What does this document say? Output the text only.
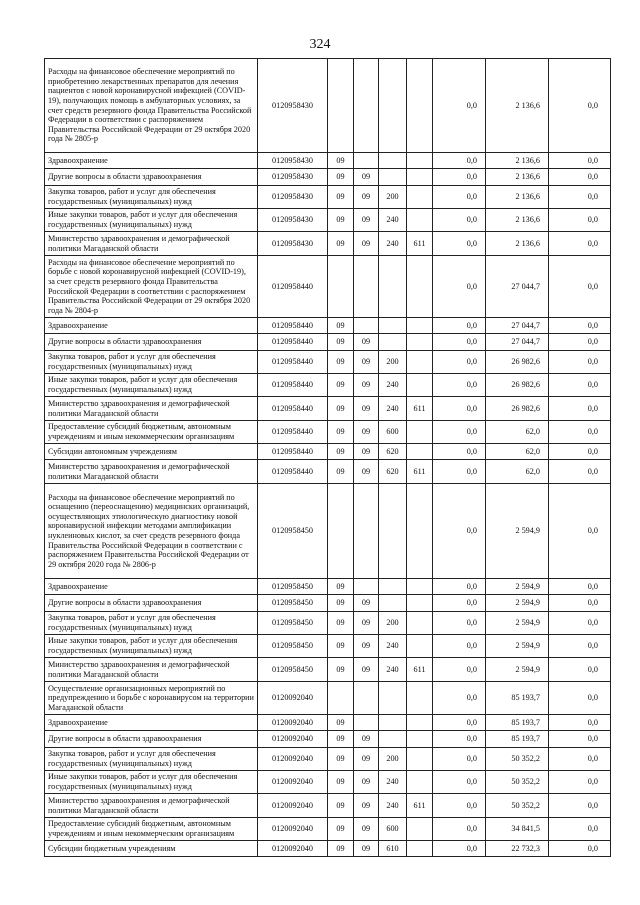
324
Расходы на финансовое обеспечение мероприятий по приобретению лекарственных препаратов для лечения пациентов с новой коронавирусной инфекцией (COVID-19), получающих помощь в амбулаторных условиях, за счет средств резервного фонда Правительства Российской Федерации в соответствии с распоряжением Правительства Российской Федерации от 29 октября 2020 года № 2805-р	0120958430					0,0	2 136,6	0,0
Здравоохранение	0120958430	09				0,0	2 136,6	0,0
Другие вопросы в области здравоохранения	0120958430	09	09			0,0	2 136,6	0,0
Закупка товаров, работ и услуг для обеспечения государственных (муниципальных) нужд	0120958430	09	09	200		0,0	2 136,6	0,0
Иные закупки товаров, работ и услуг для обеспечения государственных (муниципальных) нужд	0120958430	09	09	240		0,0	2 136,6	0,0
Министерство здравоохранения и демографической политики Магаданской области	0120958430	09	09	240	611	0,0	2 136,6	0,0
Расходы на финансовое обеспечение мероприятий по борьбе с новой коронавирусной инфекцией (COVID-19), за счет средств резервного фонда Правительства Российской Федерации в соответствии с распоряжением Правительства Российской Федерации от 29 октября 2020 года № 2804-р	0120958440					0,0	27 044,7	0,0
Здравоохранение	0120958440	09				0,0	27 044,7	0,0
Другие вопросы в области здравоохранения	0120958440	09	09			0,0	27 044,7	0,0
Закупка товаров, работ и услуг для обеспечения государственных (муниципальных) нужд	0120958440	09	09	200		0,0	26 982,6	0,0
Иные закупки товаров, работ и услуг для обеспечения государственных (муниципальных) нужд	0120958440	09	09	240		0,0	26 982,6	0,0
Министерство здравоохранения и демографической политики Магаданской области	0120958440	09	09	240	611	0,0	26 982,6	0,0
Предоставление субсидий бюджетным, автономным учреждениям и иным некоммерческим организациям	0120958440	09	09	600		0,0	62,0	0,0
Субсидии автономным учреждениям	0120958440	09	09	620		0,0	62,0	0,0
Министерство здравоохранения и демографической политики Магаданской области	0120958440	09	09	620	611	0,0	62,0	0,0
Расходы на финансовое обеспечение мероприятий по оснащению (переоснащению) медицинских организаций, осуществляющих этиологическую диагностику новой коронавирусной инфекции методами амплификации нуклеиновых кислот, за счет средств резервного фонда Правительства Российской Федерации в соответствии с распоряжением Правительства Российской Федерации от 29 октября 2020 года № 2806-р	0120958450					0,0	2 594,9	0,0
Здравоохранение	0120958450	09				0,0	2 594,9	0,0
Другие вопросы в области здравоохранения	0120958450	09	09			0,0	2 594,9	0,0
Закупка товаров, работ и услуг для обеспечения государственных (муниципальных) нужд	0120958450	09	09	200		0,0	2 594,9	0,0
Иные закупки товаров, работ и услуг для обеспечения государственных (муниципальных) нужд	0120958450	09	09	240		0,0	2 594,9	0,0
Министерство здравоохранения и демографической политики Магаданской области	0120958450	09	09	240	611	0,0	2 594,9	0,0
Осуществление организационных мероприятий по предупреждению и борьбе с коронавирусом на территории Магаданской области	0120092040					0,0	85 193,7	0,0
Здравоохранение	0120092040	09				0,0	85 193,7	0,0
Другие вопросы в области здравоохранения	0120092040	09	09			0,0	85 193,7	0,0
Закупка товаров, работ и услуг для обеспечения государственных (муниципальных) нужд	0120092040	09	09	200		0,0	50 352,2	0,0
Иные закупки товаров, работ и услуг для обеспечения государственных (муниципальных) нужд	0120092040	09	09	240		0,0	50 352,2	0,0
Министерство здравоохранения и демографической политики Магаданской области	0120092040	09	09	240	611	0,0	50 352,2	0,0
Предоставление субсидий бюджетным, автономным учреждениям и иным некоммерческим организациям	0120092040	09	09	600		0,0	34 841,5	0,0
Субсидии бюджетным учреждениям	0120092040	09	09	610		0,0	22 732,3	0,0
